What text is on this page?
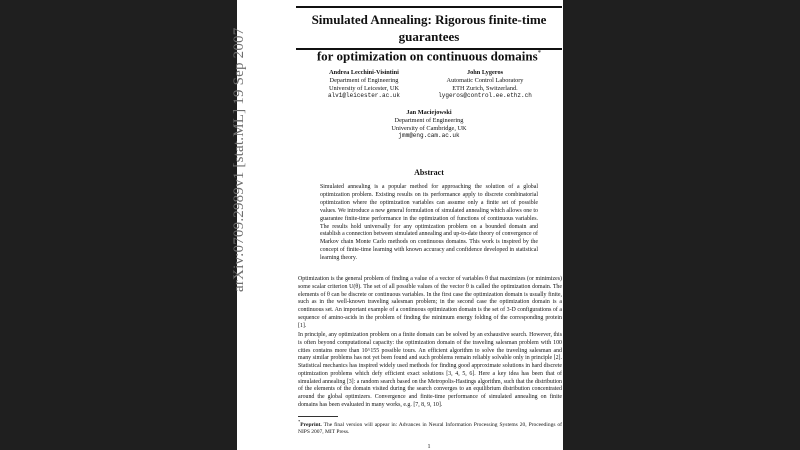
arXiv:0709.2989v1 [stat.ML] 19 Sep 2007
Simulated Annealing: Rigorous finite-time guarantees
for optimization on continuous domains*
Andrea Lecchini-Visintini
Department of Engineering
University of Leicester, UK
alv1@leicester.ac.uk
John Lygeros
Automatic Control Laboratory
ETH Zurich, Switzerland.
lygeros@control.ee.ethz.ch
Jan Maciejowski
Department of Engineering
University of Cambridge, UK
jmm@eng.cam.ac.uk
Abstract
Simulated annealing is a popular method for approaching the solution of a global optimization problem. Existing results on its performance apply to discrete combinatorial optimization where the optimization variables can assume only a finite set of possible values. We introduce a new general formulation of simulated annealing which allows one to guarantee finite-time performance in the optimization of functions of continuous variables. The results hold universally for any optimization problem on a bounded domain and establish a connection between simulated annealing and up-to-date theory of convergence of Markov chain Monte Carlo methods on continuous domains. This work is inspired by the concept of finite-time learning with known accuracy and confidence developed in statistical learning theory.
Optimization is the general problem of finding a value of a vector of variables θ that maximizes (or minimizes) some scalar criterion U(θ). The set of all possible values of the vector θ is called the optimization domain. The elements of θ can be discrete or continuous variables. In the first case the optimization domain is usually finite, such as in the well-known traveling salesman problem; in the second case the optimization domain is a continuous set. An important example of a continuous optimization domain is the set of 3-D configurations of a sequence of amino-acids in the problem of finding the minimum energy folding of the corresponding protein [1].
In principle, any optimization problem on a finite domain can be solved by an exhaustive search. However, this is often beyond computational capacity: the optimization domain of the traveling salesman problem with 100 cities contains more than 10^155 possible tours. An efficient algorithm to solve the traveling salesman and many similar problems has not yet been found and such problems remain reliably solvable only in principle [2]. Statistical mechanics has inspired widely used methods for finding good approximate solutions in hard discrete optimization problems which defy efficient exact solutions [3, 4, 5, 6]. Here a key idea has been that of simulated annealing [3]: a random search based on the Metropolis-Hastings algorithm, such that the distribution of the elements of the domain visited during the search converges to an equilibrium distribution concentrated around the global optimizers. Convergence and finite-time performance of simulated annealing on finite domains has been evaluated in many works, e.g. [7, 8, 9, 10].
*Preprint. The final version will appear in: Advances in Neural Information Processing Systems 20, Proceedings of NIPS 2007, MIT Press.
1
